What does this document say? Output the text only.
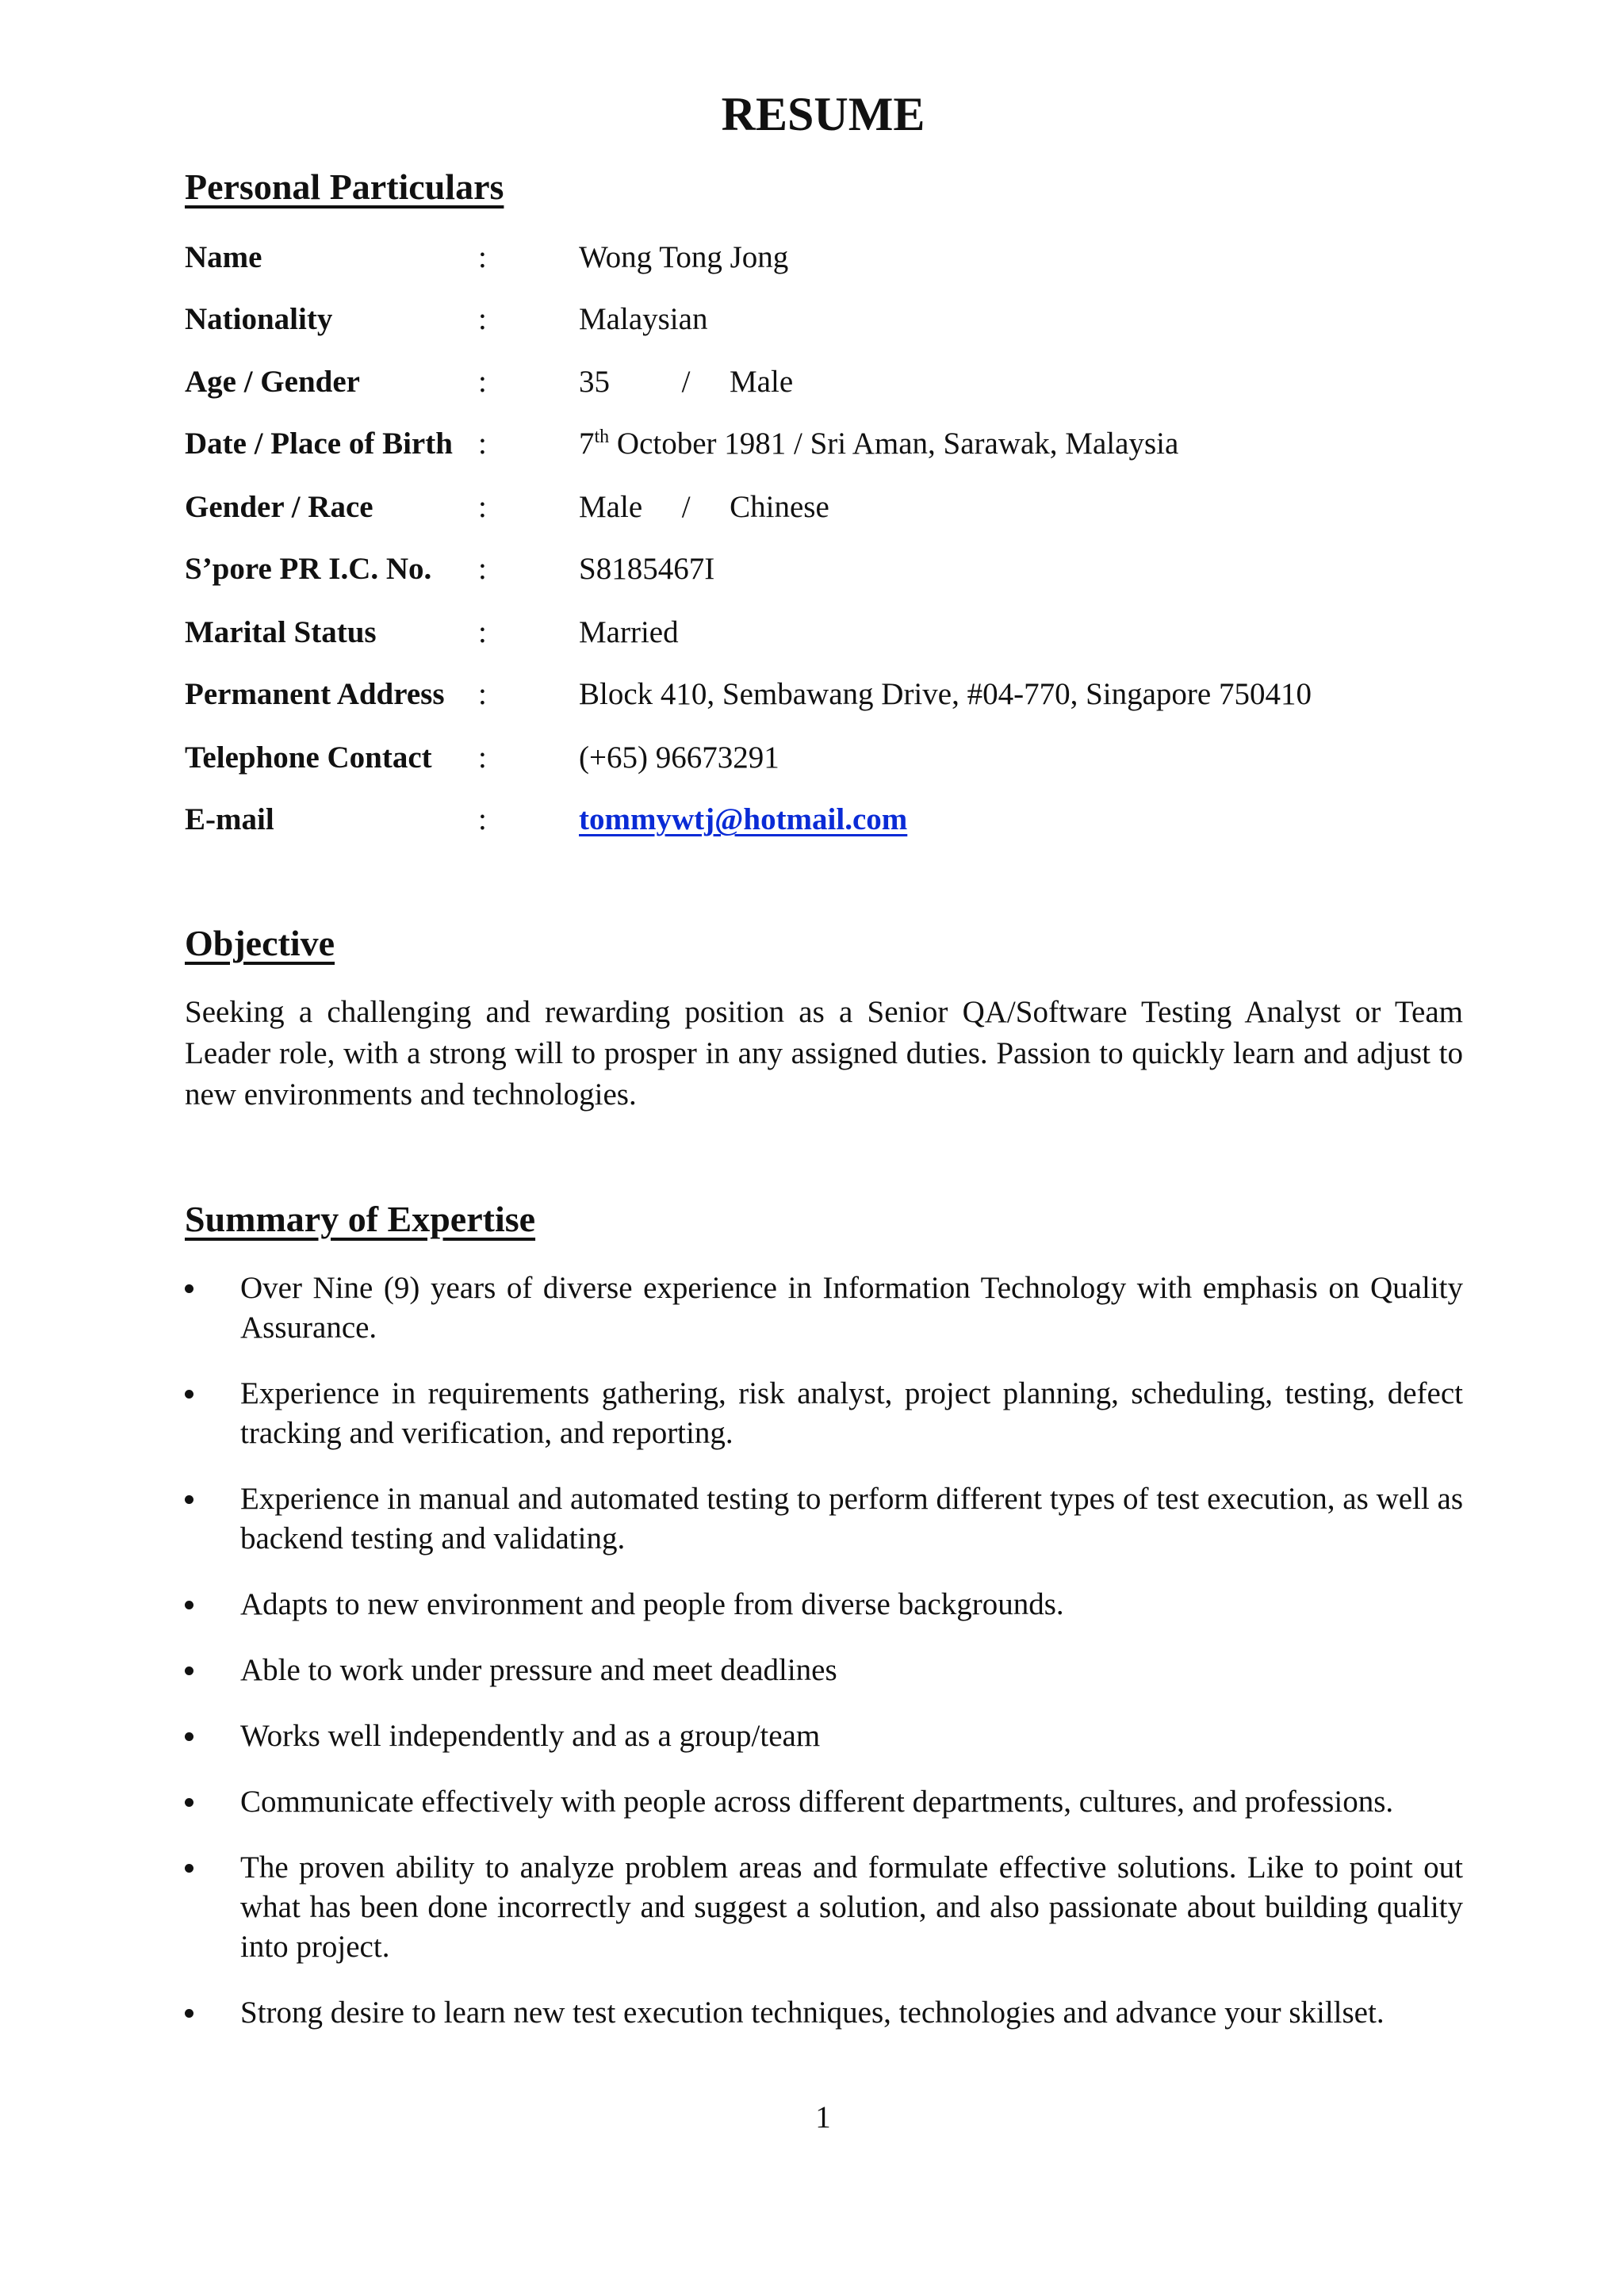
RESUME
Personal Particulars
Name	:	Wong Tong Jong
Nationality	:	Malaysian
Age / Gender	:	35 / Male
Date / Place of Birth :	7th October 1981 / Sri Aman, Sarawak, Malaysia
Gender / Race	:	Male / Chinese
S’pore PR I.C. No. :	S8185467I
Marital Status	:	Married
Permanent Address :	Block 410, Sembawang Drive, #04-770, Singapore 750410
Telephone Contact :	(+65) 96673291
E-mail	:	tommywtj@hotmail.com
Objective

Seeking a challenging and rewarding position as a Senior QA/Software Testing Analyst or Team Leader role, with a strong will to prosper in any assigned duties. Passion to quickly learn and adjust to new environments and technologies.

Summary of Expertise
Over Nine (9) years of diverse experience in Information Technology with emphasis on Quality Assurance.
Experience in requirements gathering, risk analyst, project planning, scheduling, testing, defect tracking and verification, and reporting.
Experience in manual and automated testing to perform different types of test execution, as well as backend testing and validating.
Adapts to new environment and people from diverse backgrounds.
Able to work under pressure and meet deadlines
Works well independently and as a group/team
Communicate effectively with people across different departments, cultures, and professions.
The proven ability to analyze problem areas and formulate effective solutions. Like to point out what has been done incorrectly and suggest a solution, and also passionate about building quality into project.
Strong desire to learn new test execution techniques, technologies and advance your skillset.
1
